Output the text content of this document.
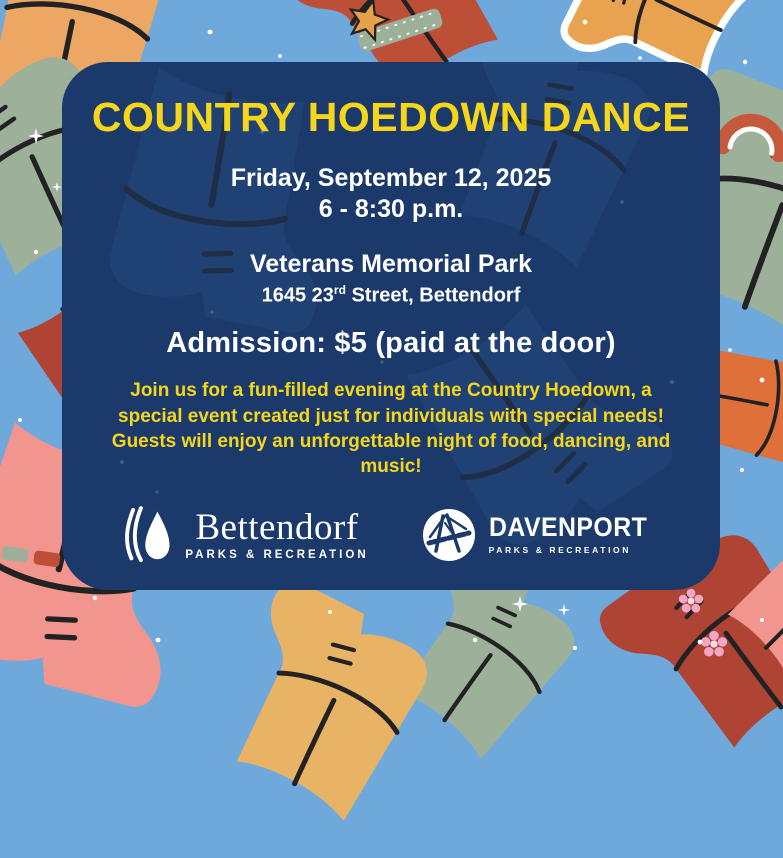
COUNTRY HOEDOWN DANCE

Friday, September 12, 2025

6 - 8:30 p.m.

Veterans Memorial Park

1645 23rd Street, Bettendorf

Admission: $5 (paid at the door)

Join us for a fun-filled evening at the Country Hoedown, a special event created just for individuals with special needs! Guests will enjoy an unforgettable night of food, dancing, and music!

Bettendorf
PARKS & RECREATION
DAVENPORT
PARKS & RECREATION
